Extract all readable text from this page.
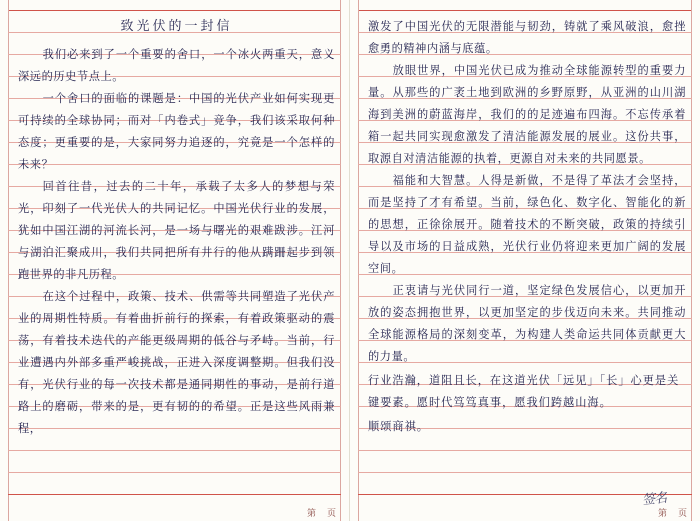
致光伏的一封信

我们必来到了一个重要的舍口，一个冰火两重天，意义深远的历史节点上。

一个舍口的面临的课题是：中国的光伏产业如何实现更可持续的全球协同；而对「内卷式」竞争，我们该采取何种态度；更重要的是，大家同努力追逐的，究竟是一个怎样的未来？

回首往昔，过去的二十年，承载了太多人的梦想与荣光，印刻了一代光伏人的共同记忆。中国光伏行业的发展，犹如中国江湖的河流长河，是一场与曙光的艰难跋涉。江河与湖泊汇聚成川，我们共同把所有井行的他从蹒跚起步到领跑世界的非凡历程。

在这个过程中，政策、技术、供需等共同塑造了光伏产业的周期性特质。有着曲折前行的探索，有着政策驱动的震荡，有着技术迭代的产能更级周期的低谷与矛峙。当前，行业遭遇内外部多重严峻挑战，正进入深度调整期。但我们没有，光伏行业的每一次技术都是通同期性的事动，是前行道路上的磨砺，带来的是，更有韧的的希望。正是这些风雨兼程，

第　页

激发了中国光伏的无限潜能与韧劲，铸就了乘风破浪，愈挫愈勇的精神内涵与底蕴。

放眼世界，中国光伏已成为推动全球能源转型的重要力量。从那些的广袤土地到欧洲的乡野原野，从亚洲的山川湖海到美洲的蔚蓝海岸，我们的的足迹遍布四海。不忘传承着箱一起共同实现愈激发了清洁能源发展的展业。这份共事，取源自对清洁能源的执着，更源自对未来的共同愿景。

福能和大智慧。人得是新做，不是得了革法才会坚持，而是坚持了才有希望。当前，绿色化、数字化、智能化的新的思想，正徐徐展开。随着技术的不断突破，政策的持续引导以及市场的日益成熟，光伏行业仍将迎来更加广阔的发展空间。

正衷请与光伏同行一道，坚定绿色发展信心，以更加开放的姿态拥抱世界，以更加坚定的步伐迈向未来。共同推动全球能源格局的深刻变革，为构建人类命运共同体贡献更大的力量。

行业浩瀚，道阻且长，在这道光伏「远见」「长」心更是关键要素。愿时代笃笃真事，愿我们跨越山海。
顺颂商祺。
签名
第　页
